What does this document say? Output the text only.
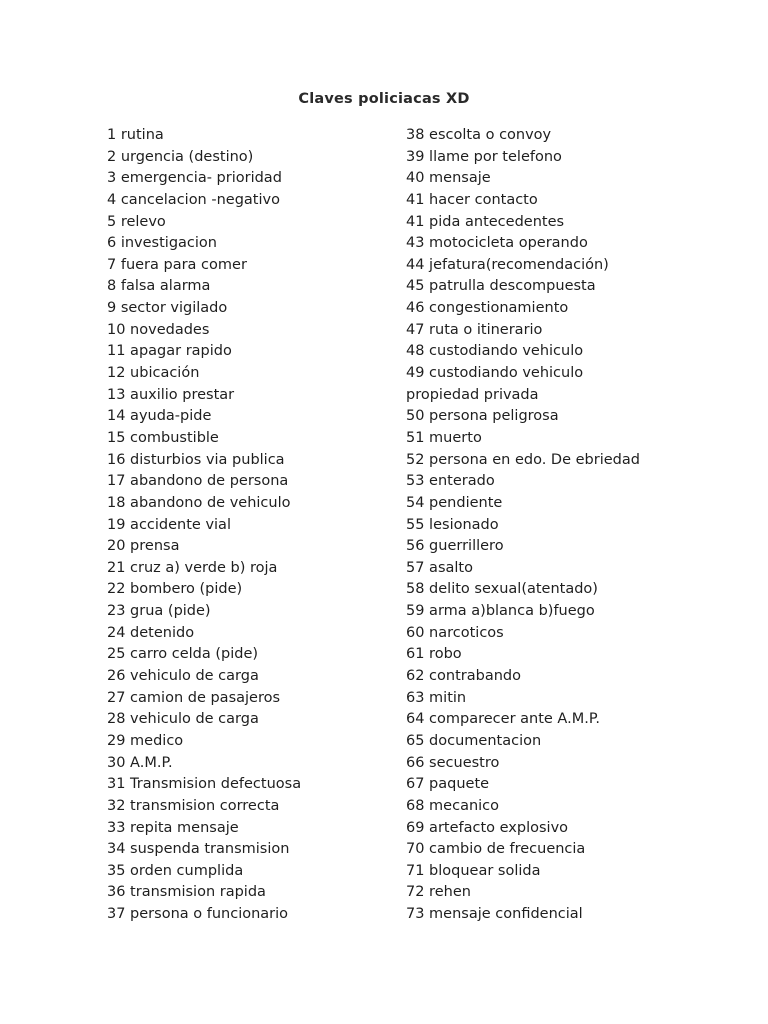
Claves policiacas XD
1 rutina
2 urgencia (destino)
3 emergencia- prioridad
4 cancelacion -negativo
5 relevo
6 investigacion
7 fuera para comer
8 falsa alarma
9 sector vigilado
10 novedades
11 apagar rapido
12 ubicación
13 auxilio prestar
14 ayuda-pide
15 combustible
16 disturbios via publica
17 abandono de persona
18 abandono de vehiculo
19 accidente vial
20 prensa
21 cruz a) verde b) roja
22 bombero (pide)
23 grua (pide)
24 detenido
25 carro celda (pide)
26 vehiculo de carga
27 camion de pasajeros
28 vehiculo de carga
29 medico
30 A.M.P.
31 Transmision defectuosa
32 transmision correcta
33 repita mensaje
34 suspenda transmision
35 orden cumplida
36 transmision rapida
37 persona o funcionario
38 escolta o convoy
39 llame por telefono
40 mensaje
41 hacer contacto
41 pida antecedentes
43 motocicleta operando
44 jefatura(recomendación)
45 patrulla descompuesta
46 congestionamiento
47 ruta o itinerario
48 custodiando vehiculo
49 custodiando vehiculo
propiedad privada
50 persona peligrosa
51 muerto
52 persona en edo. De ebriedad
53 enterado
54 pendiente
55 lesionado
56 guerrillero
57 asalto
58 delito sexual(atentado)
59 arma a)blanca b)fuego
60 narcoticos
61 robo
62 contrabando
63 mitin
64 comparecer ante A.M.P.
65 documentacion
66 secuestro
67 paquete
68 mecanico
69 artefacto explosivo
70 cambio de frecuencia
71 bloquear solida
72 rehen
73 mensaje confidencial
